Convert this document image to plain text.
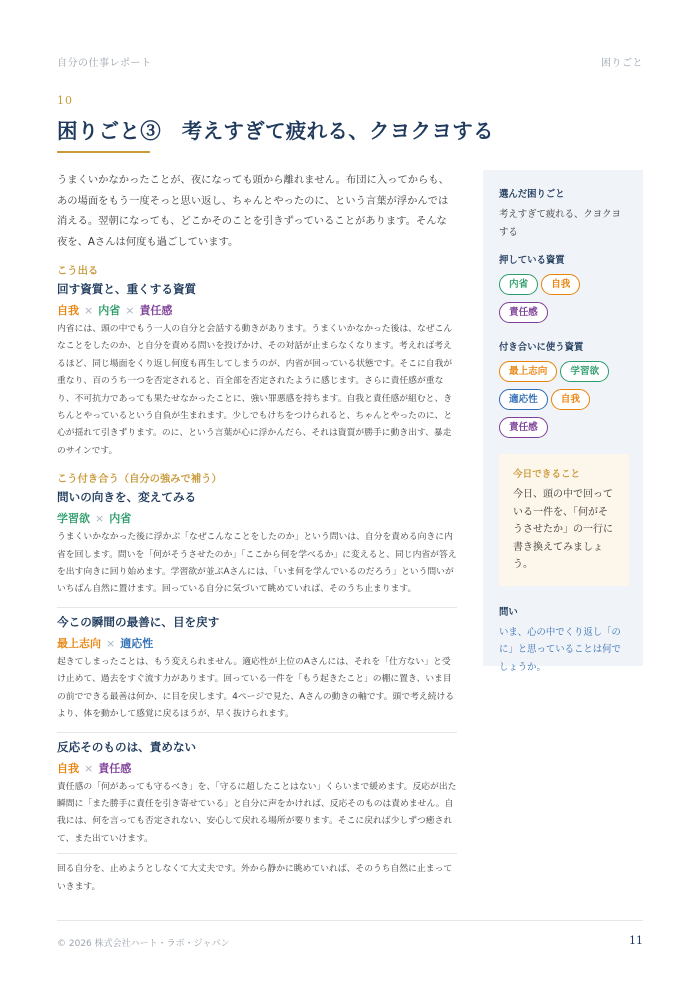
自分の仕事レポート	困りごと
10
困りごと③　考えすぎて疲れる、クヨクヨする

うまくいかなかったことが、夜になっても頭から離れません。布団に入ってからも、あの場面をもう一度そっと思い返し、ちゃんとやったのに、という言葉が浮かんでは消える。翌朝になっても、どこかそのことを引きずっていることがあります。そんな夜を、Aさんは何度も過ごしています。

こう出る
回す資質と、重くする資質
自我 × 内省 × 責任感

内省には、頭の中でもう一人の自分と会話する動きがあります。うまくいかなかった後は、なぜこんなことをしたのか、と自分を責める問いを投げかけ、その対話が止まらなくなります。考えれば考えるほど、同じ場面をくり返し何度も再生してしまうのが、内省が回っている状態です。そこに自我が重なり、百のうち一つを否定されると、百全部を否定されたように感じます。さらに責任感が重なり、不可抗力であっても果たせなかったことに、強い罪悪感を持ちます。自我と責任感が組むと、きちんとやっているという自負が生まれます。少しでもけちをつけられると、ちゃんとやったのに、と心が揺れて引きずります。のに、という言葉が心に浮かんだら、それは資質が勝手に動き出す、暴走のサインです。

こう付き合う（自分の強みで補う）
問いの向きを、変えてみる
学習欲 × 内省

うまくいかなかった後に浮かぶ「なぜこんなことをしたのか」という問いは、自分を責める向きに内省を回します。問いを「何がそうさせたのか」「ここから何を学べるか」に変えると、同じ内省が答えを出す向きに回り始めます。学習欲が並ぶAさんには、「いま何を学んでいるのだろう」という問いがいちばん自然に置けます。回っている自分に気づいて眺めていれば、そのうち止まります。

今この瞬間の最善に、目を戻す
最上志向 × 適応性

起きてしまったことは、もう変えられません。適応性が上位のAさんには、それを「仕方ない」と受け止めて、過去をすぐ流す力があります。回っている一件を「もう起きたこと」の棚に置き、いま目の前でできる最善は何か、に目を戻します。4ページで見た、Aさんの動きの軸です。頭で考え続けるより、体を動かして感覚に戻るほうが、早く抜けられます。

反応そのものは、責めない
自我 × 責任感

責任感の「何があっても守るべき」を、「守るに超したことはない」くらいまで緩めます。反応が出た瞬間に「また勝手に責任を引き寄せている」と自分に声をかければ、反応そのものは責めません。自我には、何を言っても否定されない、安心して戻れる場所が要ります。そこに戻れば少しずつ癒されて、また出ていけます。

回る自分を、止めようとしなくて大丈夫です。外から静かに眺めていれば、そのうち自然に止まっていきます。

選んだ困りごと
考えすぎて疲れる、クヨクヨする
押している資質
内省 自我
責任感
付き合いに使う資質
最上志向 学習欲
適応性 自我
責任感
今日できること
今日、頭の中で回っている一件を、「何がそうさせたか」の一行に書き換えてみましょう。
問い
いま、心の中でくり返し「のに」と思っていることは何でしょうか。
© 2026 株式会社ハート・ラボ・ジャパン	11
